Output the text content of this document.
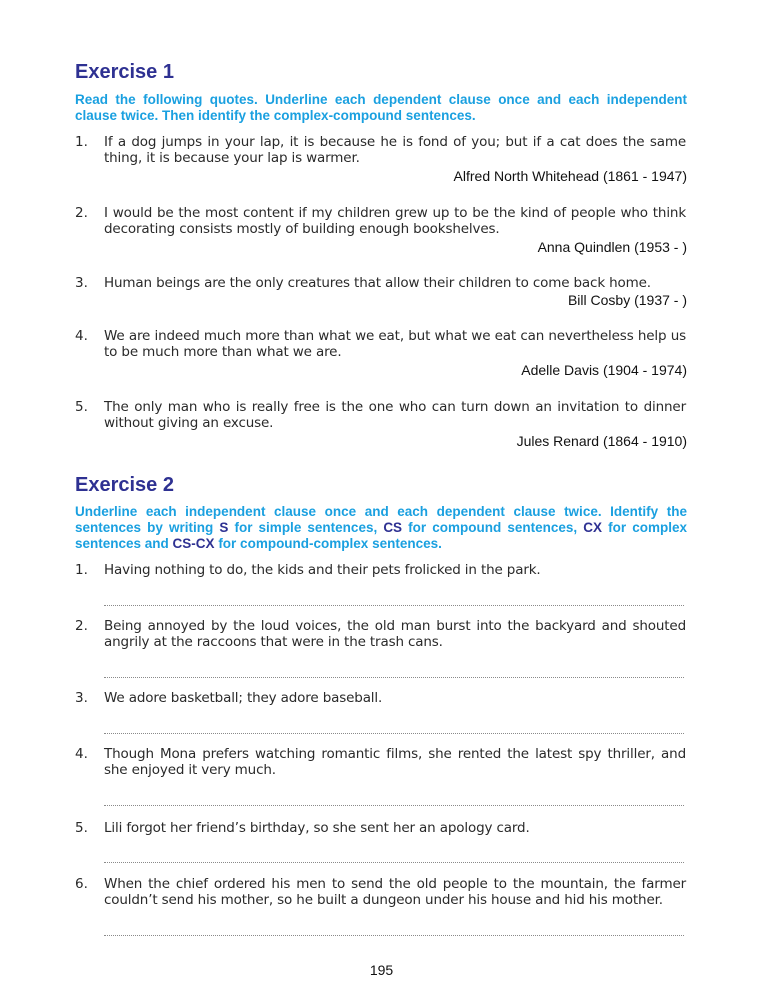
Exercise 1

Read the following quotes. Underline each dependent clause once and each independent clause twice. Then identify the complex-compound sentences.

1. If a dog jumps in your lap, it is because he is fond of you; but if a cat does the same thing, it is because your lap is warmer.

Alfred North Whitehead (1861 - 1947)
2. I would be the most content if my children grew up to be the kind of people who think decorating consists mostly of building enough bookshelves.

Anna Quindlen (1953 - )
3. Human beings are the only creatures that allow their children to come back home.

Bill Cosby (1937 - )
4. We are indeed much more than what we eat, but what we eat can nevertheless help us to be much more than what we are.

Adelle Davis (1904 - 1974)
5. The only man who is really free is the one who can turn down an invitation to dinner without giving an excuse.

Jules Renard (1864 - 1910)
Exercise 2

Underline each independent clause once and each dependent clause twice. Identify the sentences by writing S for simple sentences, CS for compound sentences, CX for complex sentences and CS-CX for compound-complex sentences.

1. Having nothing to do, the kids and their pets frolicked in the park.

2. Being annoyed by the loud voices, the old man burst into the backyard and shouted angrily at the raccoons that were in the trash cans.

3. We adore basketball; they adore baseball.

4. Though Mona prefers watching romantic films, she rented the latest spy thriller, and she enjoyed it very much.

5. Lili forgot her friend’s birthday, so she sent her an apology card.

6. When the chief ordered his men to send the old people to the mountain, the farmer couldn’t send his mother, so he built a dungeon under his house and hid his mother.

195
